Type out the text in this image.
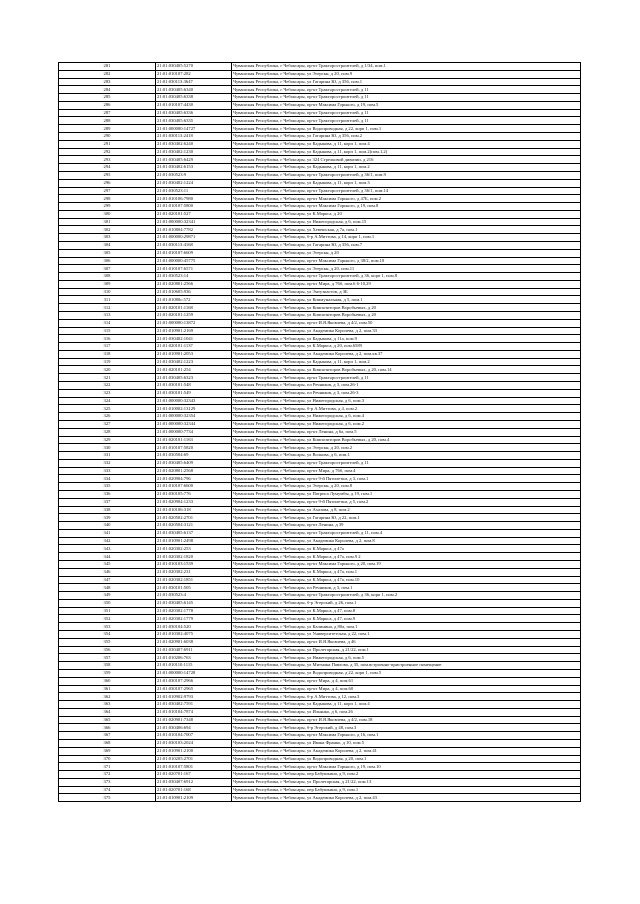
281	21:01:030405:5270	Чувашская Республика, г Чебоксары, пр-кт Тракторостроителей, д 1/34, пом.1
282	21:01:010107:282	Чувашская Республика, г Чебоксары, ул Эгерскн, д 20, пом.9
283	21:01:030113:3647	Чувашская Республика, г Чебоксары, ул Гагарина Ю, д 356, пом.1
284	21:01:030405:6340	Чувашская Республика, г Чебоксары, пр-кт Тракторостроителей, д 11
285	21:01:030405:6338	Чувашская Республика, г Чебоксары, пр-кт Тракторостроителей, д 11
286	21:01:010107:4430	Чувашская Республика, г Чебоксары, пр-кт Максима Горького, д 19, пом.5
287	21:01:030405:6336	Чувашская Республика, г Чебоксары, пр-кт Тракторостроителей, д 11
288	21:01:030405:6335	Чувашская Республика, г Чебоксары, пр-кт Тракторостроителей, д 11
289	21:01:000000:14727	Чувашская Республика, г Чебоксары, ул Водопроводная, д 22, корп 1, пом.1
290	21:01:030113:2418	Чувашская Республика, г Чебоксары, ул Гагарина Ю, д 356, пом.2
291	21:01:030402:6240	Чувашская Республика, г Чебоксары, ул Кадыкова, д 11, корп 1, пом.4
292	21:01:030402:1230	Чувашская Республика, г Чебоксары, ул Кадыкова, д 11, корп 1, пом.2(пом.1,2)
293	21:01:030405:6429	Чувашская Республика, г Чебоксары, ул 324 Стрелковой дивизии, д 216
294	21:01:030402:6153	Чувашская Республика, г Чебоксары, ул Кадыкова, д 11, корп 1, пом.2
295	21:01:030523:9	Чувашская Республика, г Чебоксары, пр-кт Тракторостроителей, д 36/1, пом.9
296	21:01:030402:1224	Чувашская Республика, г Чебоксары, ул Кадыкова, д 11, корп 1, пом.3
297	21:01:030523:11	Чувашская Республика, г Чебоксары, пр-кт Тракторостроителей, д 36/1, пом.14
298	21:01:010106:7980	Чувашская Республика, г Чебоксары, пр-кт Максима Горького, д 47Б, пом.2
299	21:01:010107:5800	Чувашская Республика, г Чебоксары, пр-кт Максима Горького, д 19, пом.8
300	21:01:020101:527	Чувашская Республика, г Чебоксары, ул К.Маркса, д 20
301	21:01:000000:32341	Чувашская Республика, г Чебоксары, ул Нижегородская, д 6, пом.15
302	21:01:010804:7782	Чувашская Республика, г Чебоксары, ул Хевешская, д 7а, пом.1
303	21:01:000000:29871	Чувашская Республика, г Чебоксары, б-р А.Миттова, д 14, корп 1, пом.1
304	21:01:030113:4168	Чувашская Республика, г Чебоксары, ул Гагарина Ю, д 356, пом.7
305	21:01:010107:6609	Чувашская Республика, г Чебоксары, ул Эгерскн, д 20
306	21:01:000000:45775	Чувашская Республика, г Чебоксары, пр-кт Максима Горького, д 38/2, пом.10
307	21:01:010107:6571	Чувашская Республика, г Чебоксары, ул Эгерскн, д 20, пом.11
308	21:01:030523:14	Чувашская Республика, г Чебоксары, пр-кт Тракторостроителей, д 36, корп 1, пом.8
309	21:01:020801:2566	Чувашская Республика, г Чебоксары, пр-кт Мира, д 76б, пом.6 6-10,29
310	21:01:010605:936	Чувашская Республика, г Чебоксары, ул Энтузиастов, д 3Б
311	21:01:01080с:572	Чувашская Республика, г Чебоксары, ул Коммунальная, д 5, пом.1
312	21:01:020101:1168	Чувашская Республика, г Чебоксары, ул Композиторов Воробьевых, д 20
313	21:01:020101:1259	Чувашская Республика, г Чебоксары, ул Композиторов Воробьевых, д 20
314	21:01:000000:13872	Чувашская Республика, г Чебоксары, пр-кт И.Я.Яковлева, д 4/2, пом.50
315	21:01:010901:2169	Чувашская Республика, г Чебоксары, ул Академика Королева, д 2, пом.33
316	21:01:030402:1041	Чувашская Республика, г Чебоксары, ул Кадыкова, д 11а, пом.9
317	21:01:020101:1137	Чувашская Республика, г Чебоксары, ул К.Маркса, д 20, пом.6589
318	21:01:010901:2053	Чувашская Республика, г Чебоксары, ул Академика Королева, д 2, пом.кв.37
319	21:01:030402:1223	Чувашская Республика, г Чебоксары, ул Кадыкова, д 11, корп 1, пом.2
320	21:01:020101:254	Чувашская Республика, г Чебоксары, ул Композиторов Воробьевых, д 20, пом.14
321	21:01:030405:6323	Чувашская Республика, г Чебоксары, пр-кт Тракторостроителей, д 11
322	21:01:030101:548	Чувашская Республика, г Чебоксары, пл Речников, д 3, пом.26-1
323	21:01:030101:549	Чувашская Республика, г Чебоксары, пл Речников, д 3, пом.26-3
324	21:01:000000:32343	Чувашская Республика, г Чебоксары, ул Нижегородская, д 6, пом.3
325	21:01:010002:13129	Чувашская Республика, г Чебоксары, б-р А.Миттова, д 4, пом.2
326	21:01:000000:32354	Чувашская Республика, г Чебоксары, ул Нижегородская, д 6, пом.4
327	21:01:000000:32344	Чувашская Республика, г Чебоксары, ул Нижегородская, д 6, пом.2
328	21:01:000000:7734	Чувашская Республика, г Чебоксары, пр-кт Ленина, д 6а, пом.5
329	21:01:020101:1163	Чувашская Республика, г Чебоксары, ул Композиторов Воробьевых, д 20, пом.4
330	21:01:010107:5820	Чувашская Республика, г Чебоксары, ул Эгерскн, д 20, пом.2
331	21:01:030504:69	Чувашская Республика, г Чебоксары, ул Волкова, д 6, пом.1
332	21:01:030405:6409	Чувашская Республика, г Чебоксары, пр-кт Тракторостроителей, д 11
333	21:01:020801:2568	Чувашская Республика, г Чебоксары, пр-кт Мира, д 76б, пом.4
334	21:01:020904:796	Чувашская Республика, г Чебоксары, пр-кт 9-й Пятилетки, д 3, пом.1
335	21:01:010107:6600	Чувашская Республика, г Чебоксары, ул Эгерскн, д 20, пом.8
336	21:01:030105:776	Чувашская Республика, г Чебоксары, ул Патриса Лумумбы, д 19, пом.1
337	21:01:020904:1233	Чувашская Республика, г Чебоксары, пр-кт 9-й Пятилетки, д 5, пом.2
338	21:01:010106:318	Чувашская Республика, г Чебоксары, ул Ахазова, д 8, пом.2
339	21:01:020502:2701	Чувашская Республика, г Чебоксары, ул Гагарина Ю, д 22, пом.1
340	21:01:020504:3121	Чувашская Республика, г Чебоксары, пр-кт Ленина, д 39
341	21:01:030405:6137	Чувашская Республика, г Чебоксары, пр-кт Тракторостроителей, д 11, пом.4
342	21:01:010901:2498	Чувашская Республика, г Чебоксары, ул Академика Королева, д 2, пом.8
343	21:01:020302:253	Чувашская Республика, г Чебоксары, ул К.Маркса, д 47а
344	21:01:020302:1820	Чувашская Республика, г Чебоксары, ул К.Маркса, д 47а, пом.9 2
345	21:01:010103:1539	Чувашская Республика, г Чебоксары, пр-кт Максима Горького, д 20, пом.19
346	21:01:020302:231	Чувашская Республика, г Чебоксары, ул К.Маркса, д 47а, пом.1
347	21:01:020302:1851	Чувашская Республика, г Чебоксары, ул К.Маркса, д 47а, пом.10
348	21:01:030101:505	Чувашская Республика, г Чебоксары, пл Речников, д 3, пом.1
349	21:01:030523:4	Чувашская Республика, г Чебоксары, пр-кт Тракторостроителей, д 36, корп 1, пом.2
350	21:01:030405:6145	Чувашская Республика, г Чебоксары, б-р Эгерский, д 26, пом.1
351	21:01:020302:1778	Чувашская Республика, г Чебоксары, ул К.Маркса, д 47, пом.8
352	21:01:020302:1779	Чувашская Республика, г Чебоксары, ул К.Маркса, д 47, пом.9
353	21:01:030104:520	Чувашская Республика, г Чебоксары, ул Калинина, д 80а, пом.1
354	21:01:010302:4075	Чувашская Республика, г Чебоксары, ул Университетская, д 22, пом.1
355	21:01:020901:6038	Чувашская Республика, г Чебоксары, пр-кт И.Я.Яковлева, д 46
356	21:01:030407:6911	Чувашская Республика, г Чебоксары, ул Пролетарская, д 21/22, пом.1
357	21:01:010206:763	Чувашская Республика, г Чебоксары, ул Нижегородская, д 6, пом.5
358	21:01:010110:1115	Чувашская Республика, г Чебоксары, ул Митмана Павлова, д 35, пом.встроенно-пристроенное помещение
359	21:01:000000:14728	Чувашская Республика, г Чебоксары, ул Водопроводная, д 22, корп 1, пом.5
360	21:01:030107:2966	Чувашская Республика, г Чебоксары, пр-кт Мира, д 4, пом.61
361	21:01:030107:2965	Чувашская Республика, г Чебоксары, пр-кт Мира, д 4, пом.60
362	21:01:010902:9793	Чувашская Республика, г Чебоксары, б-р А.Миттова, д 12, пом.3
363	21:01:030402:7591	Чувашская Республика, г Чебоксары, ул Кадыкова, д 11, корп 1, пом.4
364	21:01:010104:7874	Чувашская Республика, г Чебоксары, ул Ильянко, д 6, пом.26
365	21:01:020901:7348	Чувашская Республика, г Чебоксары, пр-кт И.Я.Яковлева, д 4/2, пом.18
366	21:01:030406:694	Чувашская Республика, г Чебоксары, б-р Эгерский, д 48, пом.3
367	21:01:010104:7007	Чувашская Республика, г Чебоксары, пр-кт Максима Горького, д 16, пом.1
368	21:01:030103:2024	Чувашская Республика, г Чебоксары, ул Ивана Франко, д 10, пом.5
369	21:01:010901:2100	Чувашская Республика, г Чебоксары, ул Академика Королева, д 2, пом.41
370	21:01:010205:2701	Чувашская Республика, г Чебоксары, ул Водопроводная, д 20, пом.1
371	21:01:010107:5801	Чувашская Республика, г Чебоксары, пр-кт Максима Горького, д 19, пом.10
372	21:01:020701:167	Чувашская Республика, г Чебоксары, пер Бабушкина, д 9, пом.2
373	21:01:030407:6912	Чувашская Республика, г Чебоксары, ул Пролетарская, д 21/22, пом.13
374	21:01:020701:168	Чувашская Республика, г Чебоксары, пер Бабушкина, д 9, пом.1
375	21:01:010901:2109	Чувашская Республика, г Чебоксары, ул Академика Королева, д 2, пом.43
